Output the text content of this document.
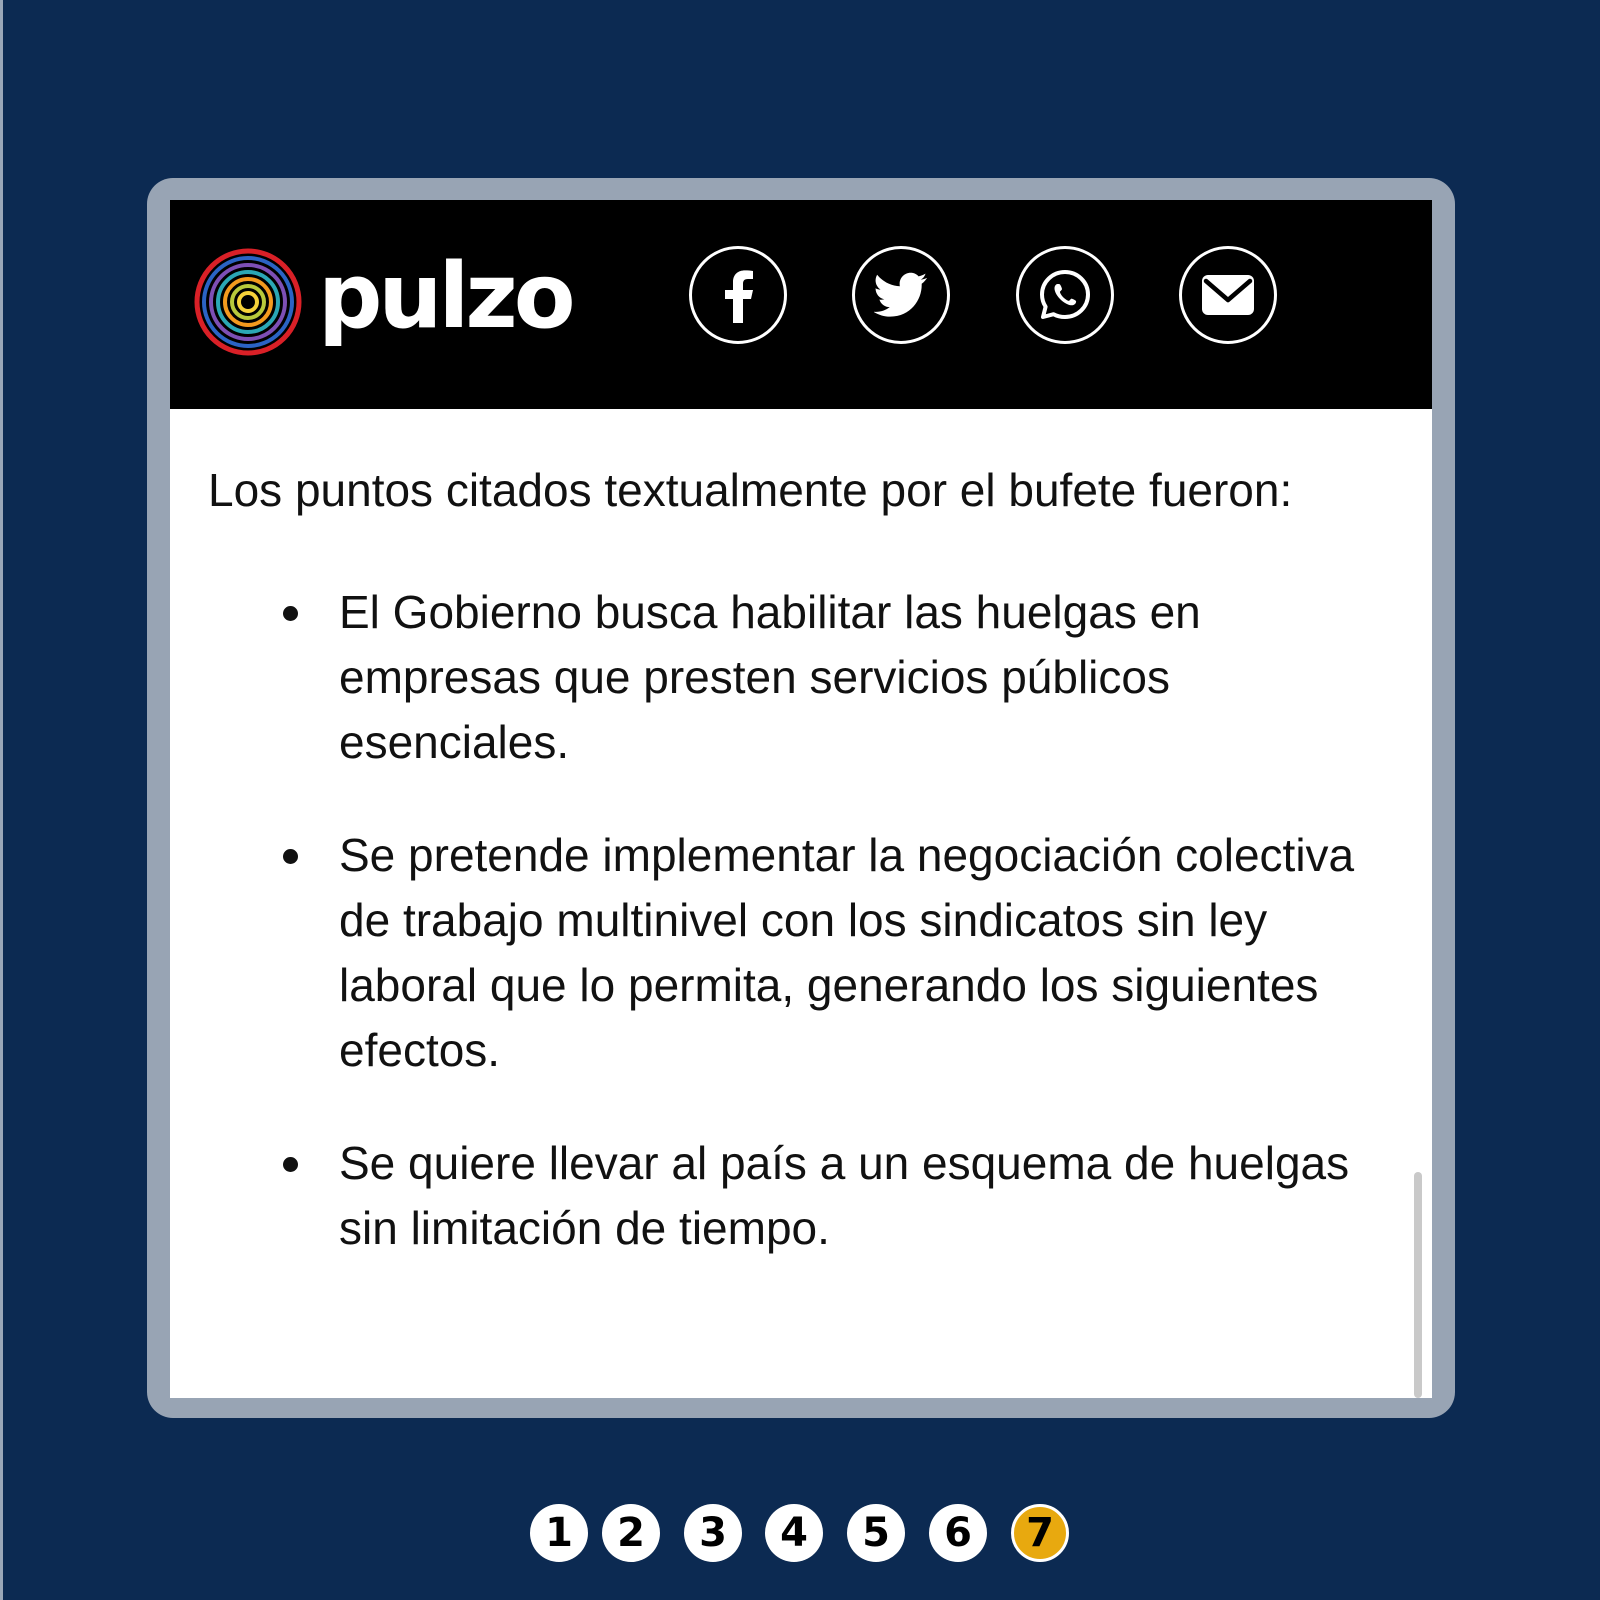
pulzo

Los puntos citados textualmente por el bufete fueron:

El Gobierno busca habilitar las huelgas en empresas que presten servicios públicos esenciales.
Se pretende implementar la negociación colectiva de trabajo multinivel con los sindicatos sin ley laboral que lo permita, generando los siguientes efectos.
Se quiere llevar al país a un esquema de huelgas sin limitación de tiempo.
1	2	3	4	5	6	7
